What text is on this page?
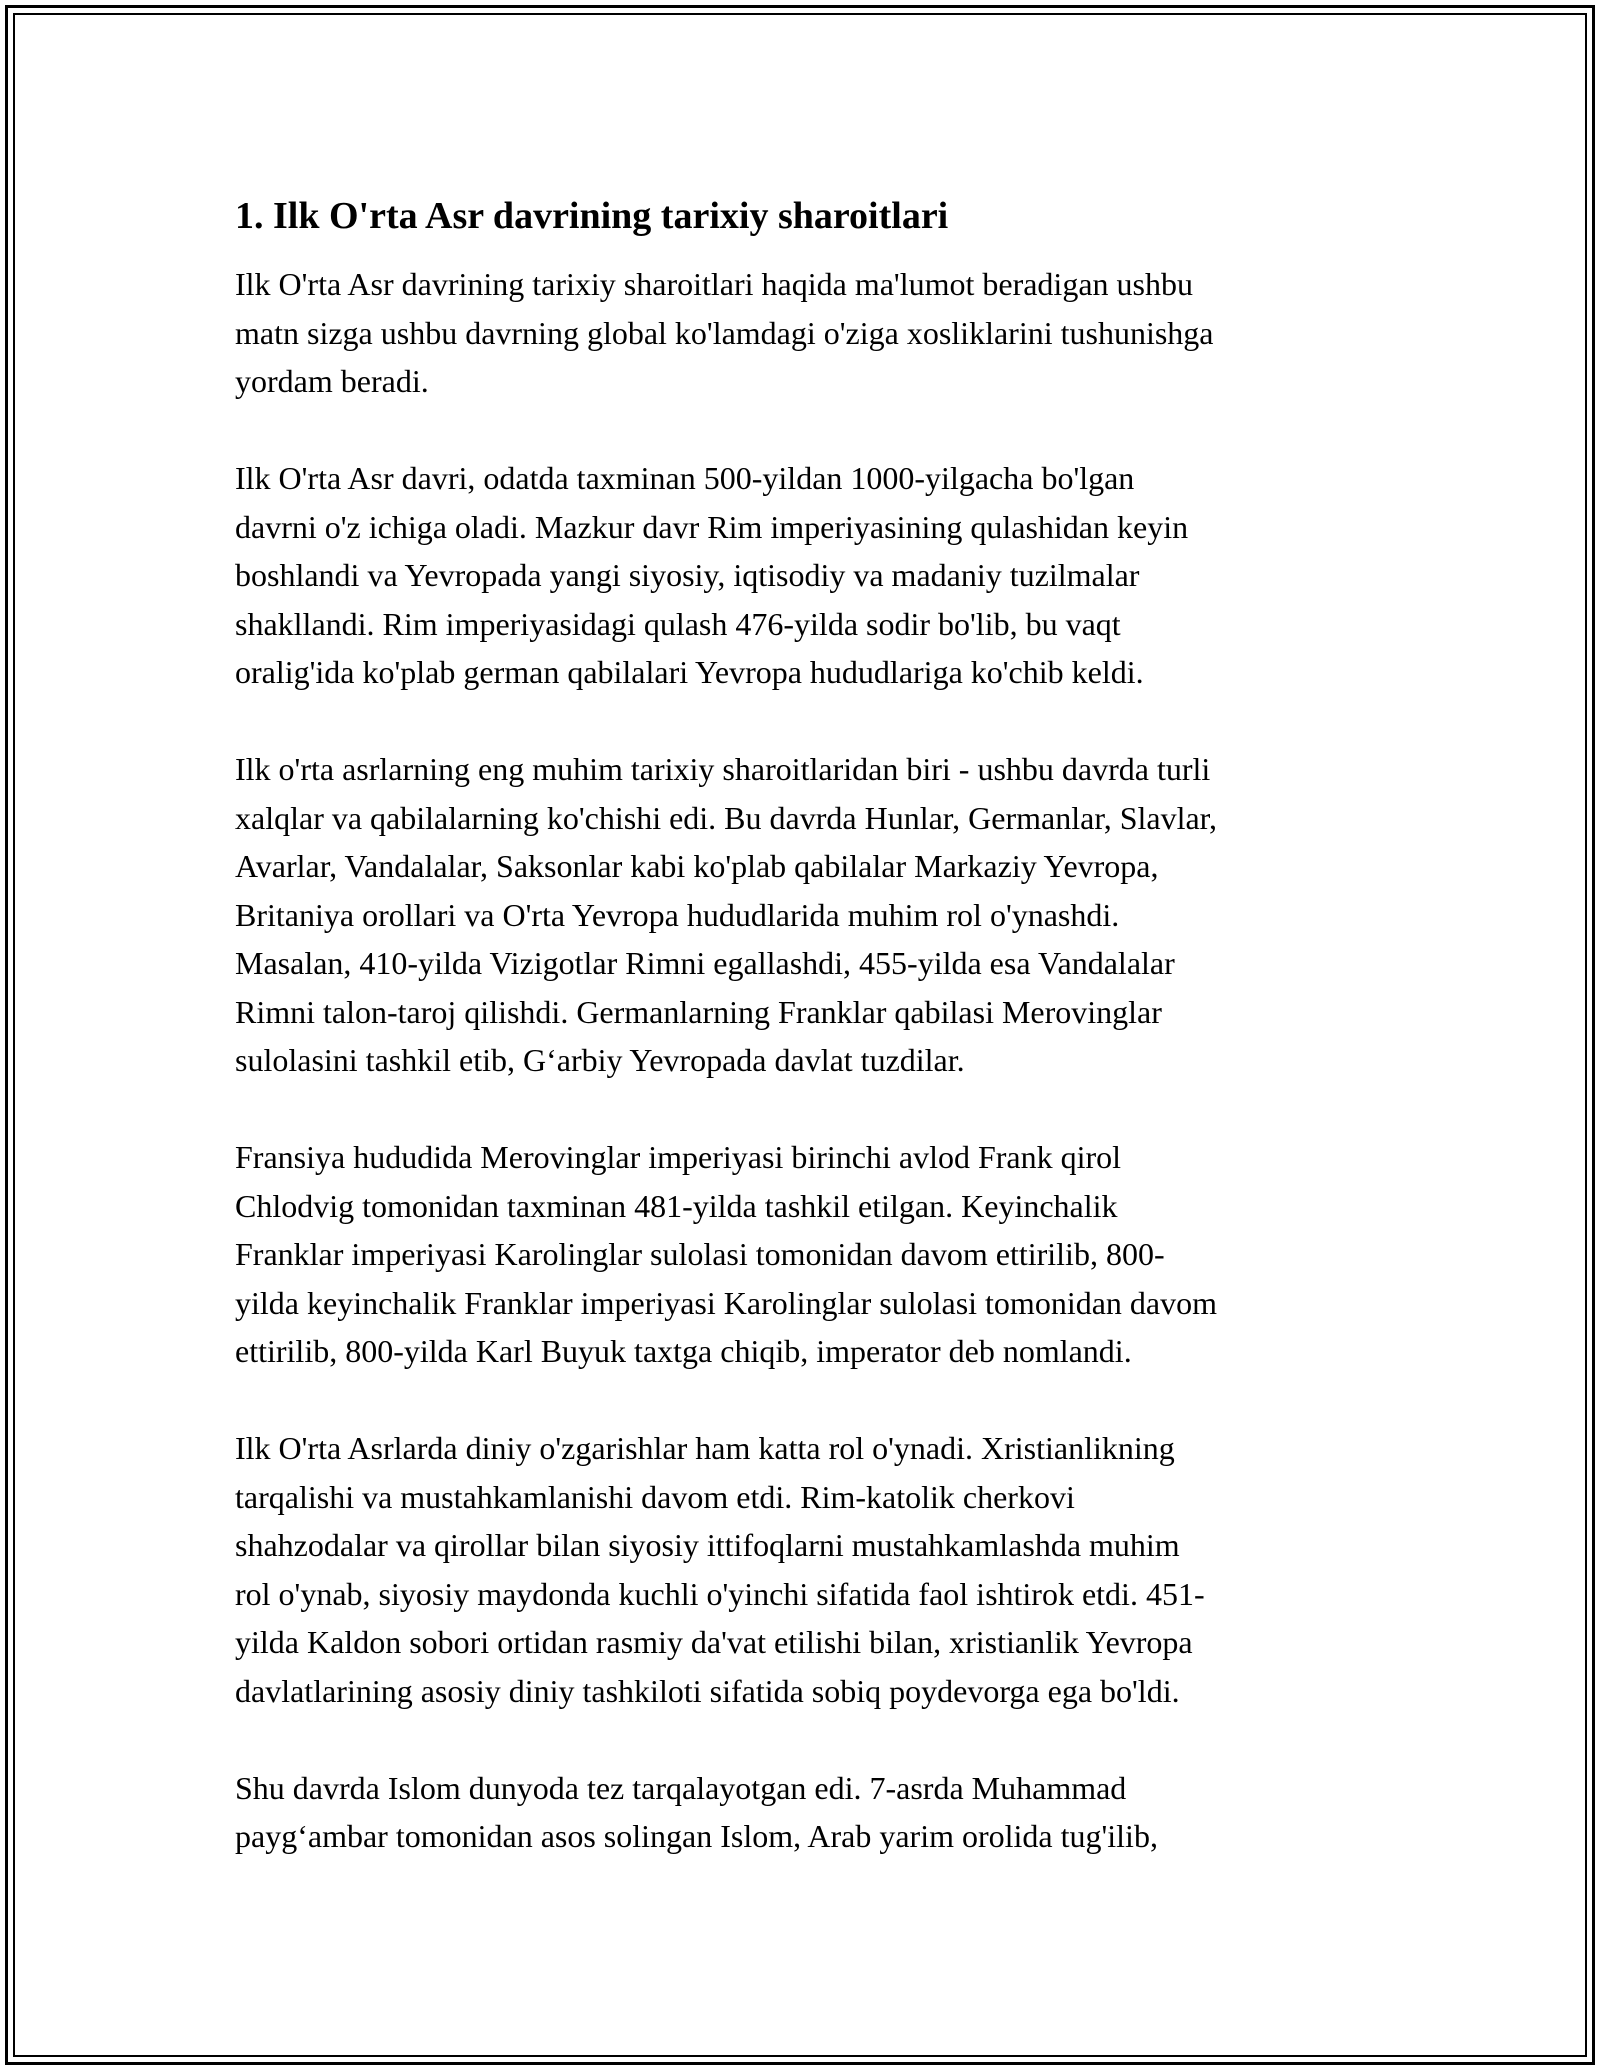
1. Ilk O'rta Asr davrining tarixiy sharoitlari

Ilk O'rta Asr davrining tarixiy sharoitlari haqida ma'lumot beradigan ushbu
matn sizga ushbu davrning global ko'lamdagi o'ziga xosliklarini tushunishga
yordam beradi.

Ilk O'rta Asr davri, odatda taxminan 500-yildan 1000-yilgacha bo'lgan
davrni o'z ichiga oladi. Mazkur davr Rim imperiyasining qulashidan keyin
boshlandi va Yevropada yangi siyosiy, iqtisodiy va madaniy tuzilmalar
shakllandi. Rim imperiyasidagi qulash 476-yilda sodir bo'lib, bu vaqt
oralig'ida ko'plab german qabilalari Yevropa hududlariga ko'chib keldi.

Ilk o'rta asrlarning eng muhim tarixiy sharoitlaridan biri - ushbu davrda turli
xalqlar va qabilalarning ko'chishi edi. Bu davrda Hunlar, Germanlar, Slavlar,
Avarlar, Vandalalar, Saksonlar kabi ko'plab qabilalar Markaziy Yevropa,
Britaniya orollari va O'rta Yevropa hududlarida muhim rol o'ynashdi.
Masalan, 410-yilda Vizigotlar Rimni egallashdi, 455-yilda esa Vandalalar
Rimni talon-taroj qilishdi. Germanlarning Franklar qabilasi Merovinglar
sulolasini tashkil etib, G‘arbiy Yevropada davlat tuzdilar.

Fransiya hududida Merovinglar imperiyasi birinchi avlod Frank qirol
Chlodvig tomonidan taxminan 481-yilda tashkil etilgan. Keyinchalik
Franklar imperiyasi Karolinglar sulolasi tomonidan davom ettirilib, 800-
yilda keyinchalik Franklar imperiyasi Karolinglar sulolasi tomonidan davom
ettirilib, 800-yilda Karl Buyuk taxtga chiqib, imperator deb nomlandi.

Ilk O'rta Asrlarda diniy o'zgarishlar ham katta rol o'ynadi. Xristianlikning
tarqalishi va mustahkamlanishi davom etdi. Rim-katolik cherkovi
shahzodalar va qirollar bilan siyosiy ittifoqlarni mustahkamlashda muhim
rol o'ynab, siyosiy maydonda kuchli o'yinchi sifatida faol ishtirok etdi. 451-
yilda Kaldon sobori ortidan rasmiy da'vat etilishi bilan, xristianlik Yevropa
davlatlarining asosiy diniy tashkiloti sifatida sobiq poydevorga ega bo'ldi.

Shu davrda Islom dunyoda tez tarqalayotgan edi. 7-asrda Muhammad
payg‘ambar tomonidan asos solingan Islom, Arab yarim orolida tug'ilib,
